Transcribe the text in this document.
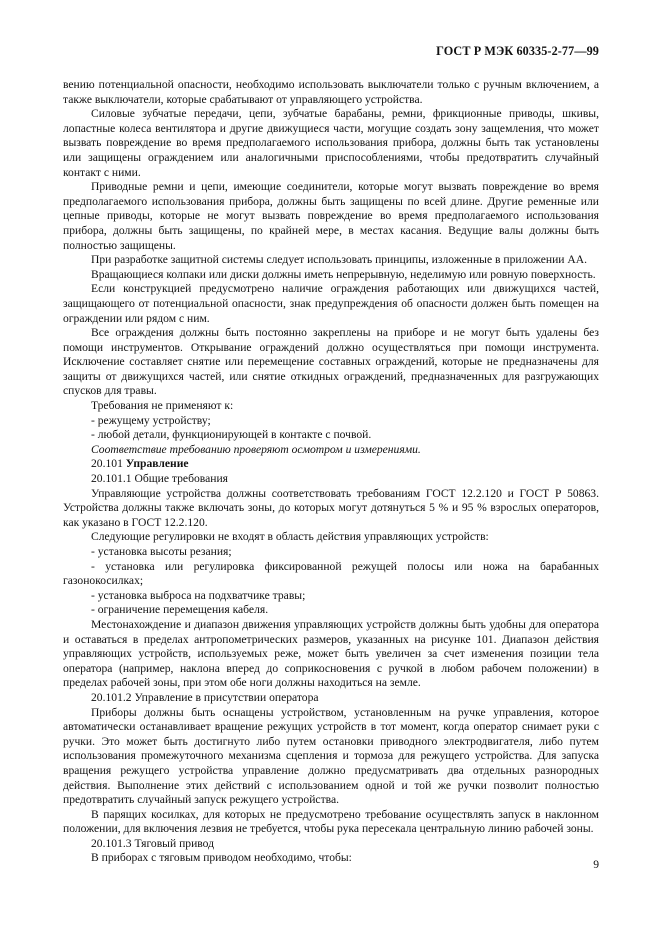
ГОСТ Р МЭК 60335-2-77—99

вению потенциальной опасности, необходимо использовать выключатели только с ручным включением, а также выключатели, которые срабатывают от управляющего устройства.

Силовые зубчатые передачи, цепи, зубчатые барабаны, ремни, фрикционные приводы, шкивы, лопастные колеса вентилятора и другие движущиеся части, могущие создать зону защемления, что может вызвать повреждение во время предполагаемого использования прибора, должны быть так установлены или защищены ограждением или аналогичными приспособлениями, чтобы предотвратить случайный контакт с ними.

Приводные ремни и цепи, имеющие соединители, которые могут вызвать повреждение во время предполагаемого использования прибора, должны быть защищены по всей длине. Другие ременные или цепные приводы, которые не могут вызвать повреждение во время предполагаемого использования прибора, должны быть защищены, по крайней мере, в местах касания. Ведущие валы должны быть полностью защищены.

При разработке защитной системы следует использовать принципы, изложенные в приложении АА.

Вращающиеся колпаки или диски должны иметь непрерывную, неделимую или ровную поверхность.

Если конструкцией предусмотрено наличие ограждения работающих или движущихся частей, защищающего от потенциальной опасности, знак предупреждения об опасности должен быть помещен на ограждении или рядом с ним.

Все ограждения должны быть постоянно закреплены на приборе и не могут быть удалены без помощи инструментов. Открывание ограждений должно осуществляться при помощи инструмента. Исключение составляет снятие или перемещение составных ограждений, которые не предназначены для защиты от движущихся частей, или снятие откидных ограждений, предназначенных для разгружающих спусков для травы.

Требования не применяют к:

- режущему устройству;

- любой детали, функционирующей в контакте с почвой.

Соответствие требованию проверяют осмотром и измерениями.

20.101 Управление

20.101.1 Общие требования

Управляющие устройства должны соответствовать требованиям ГОСТ 12.2.120 и ГОСТ Р 50863. Устройства должны также включать зоны, до которых могут дотянуться 5 % и 95 % взрослых операторов, как указано в ГОСТ 12.2.120.

Следующие регулировки не входят в область действия управляющих устройств:

- установка высоты резания;

- установка или регулировка фиксированной режущей полосы или ножа на барабанных газонокосилках;

- установка выброса на подхватчике травы;

- ограничение перемещения кабеля.

Местонахождение и диапазон движения управляющих устройств должны быть удобны для оператора и оставаться в пределах антропометрических размеров, указанных на рисунке 101. Диапазон действия управляющих устройств, используемых реже, может быть увеличен за счет изменения позиции тела оператора (например, наклона вперед до соприкосновения с ручкой в любом рабочем положении) в пределах рабочей зоны, при этом обе ноги должны находиться на земле.

20.101.2 Управление в присутствии оператора

Приборы должны быть оснащены устройством, установленным на ручке управления, которое автоматически останавливает вращение режущих устройств в тот момент, когда оператор снимает руки с ручки. Это может быть достигнуто либо путем остановки приводного электродвигателя, либо путем использования промежуточного механизма сцепления и тормоза для режущего устройства. Для запуска вращения режущего устройства управление должно предусматривать два отдельных разнородных действия. Выполнение этих действий с использованием одной и той же ручки позволит полностью предотвратить случайный запуск режущего устройства.

В парящих косилках, для которых не предусмотрено требование осуществлять запуск в наклонном положении, для включения лезвия не требуется, чтобы рука пересекала центральную линию рабочей зоны.

20.101.3 Тяговый привод

В приборах с тяговым приводом необходимо, чтобы:

9
